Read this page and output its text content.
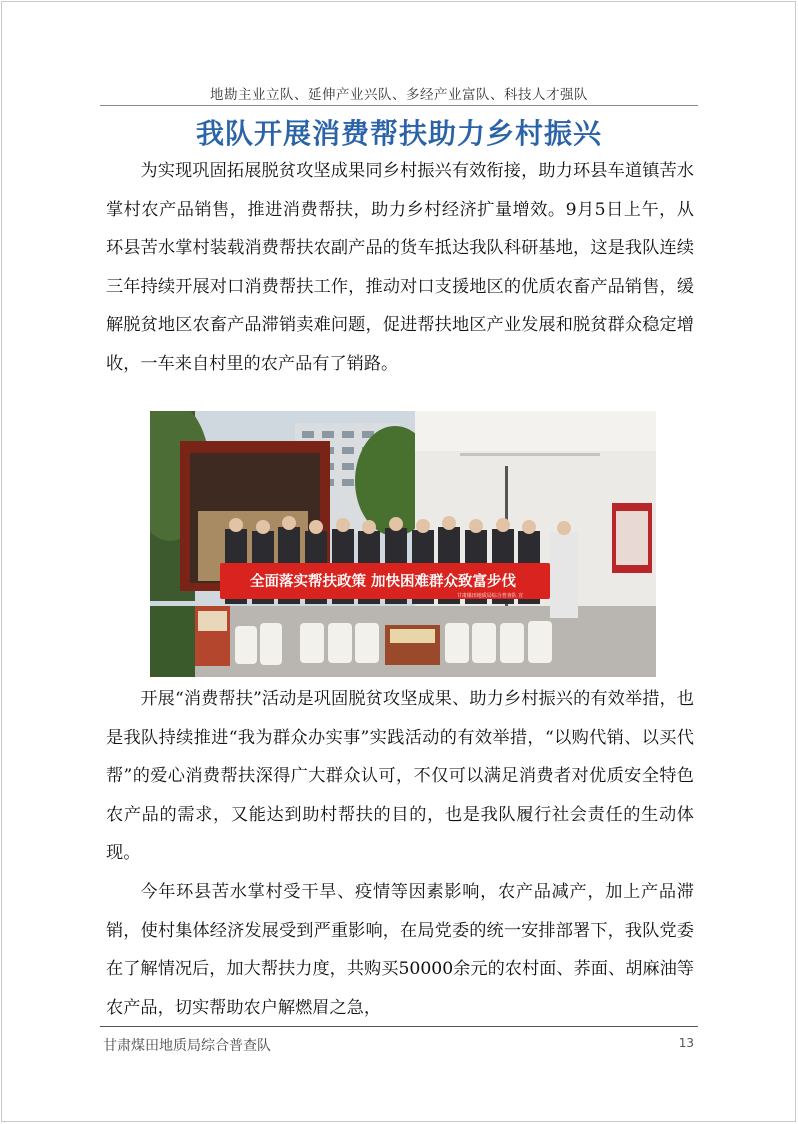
地勘主业立队、延伸产业兴队、多经产业富队、科技人才强队
我队开展消费帮扶助力乡村振兴
为实现巩固拓展脱贫攻坚成果同乡村振兴有效衔接，助力环县车道镇苦水掌村农产品销售，推进消费帮扶，助力乡村经济扩量增效。9月5日上午，从环县苦水掌村装载消费帮扶农副产品的货车抵达我队科研基地，这是我队连续三年持续开展对口消费帮扶工作，推动对口支援地区的优质农畜产品销售，缓解脱贫地区农畜产品滞销卖难问题，促进帮扶地区产业发展和脱贫群众稳定增收，一车来自村里的农产品有了销路。
全面落实帮扶政策 加快困难群众致富步伐
甘肃煤田地质局综合普查队 宣
开展“消费帮扶”活动是巩固脱贫攻坚成果、助力乡村振兴的有效举措，也是我队持续推进“我为群众办实事”实践活动的有效举措，“以购代销、以买代帮”的爱心消费帮扶深得广大群众认可，不仅可以满足消费者对优质安全特色农产品的需求，又能达到助村帮扶的目的，也是我队履行社会责任的生动体现。
今年环县苦水掌村受干旱、疫情等因素影响，农产品减产，加上产品滞销，使村集体经济发展受到严重影响，在局党委的统一安排部署下，我队党委在了解情况后，加大帮扶力度，共购买50000余元的农村面、荞面、胡麻油等农产品，切实帮助农户解燃眉之急，
甘肃煤田地质局综合普查队	13
